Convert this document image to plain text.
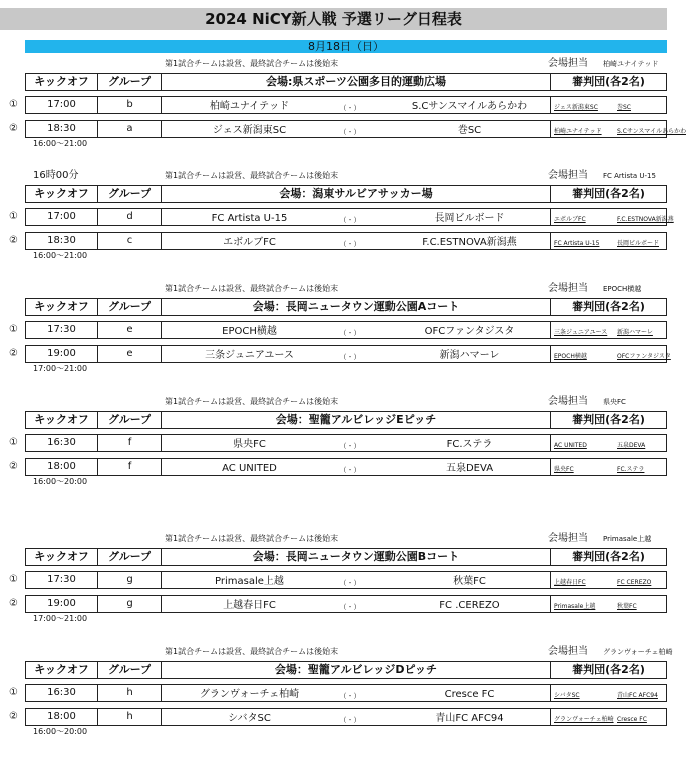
2024 NiCY新人戦 予選リーグ日程表
8月18日（日）
第1試合チームは設営、最終試合チームは後始末	会場担当 柏崎ユナイテッド
キックオフ	グループ	会場:県スポーツ公園多目的運動広場	審判団(各2名)
①	17:00	b	柏崎ユナイテッド	（ - ）	S.Cサンスマイルあらかわ	ジェス新潟東SC	巻SC
②	18:30	a	ジェス新潟東SC	（ - ）	巻SC	柏崎ユナイテッド	S.Cサンスマイルあらかわ
16:00～21:00
16時00分	第1試合チームは設営、最終試合チームは後始末	会場担当 FC Artista U-15
キックオフ	グループ	会場：潟東サルビアサッカー場	審判団(各2名)
①	17:00	d	FC Artista U-15	（ - ）	長岡ビルボード	エボルブFC	F.C.ESTNOVA新潟燕
②	18:30	c	エボルブFC	（ - ）	F.C.ESTNOVA新潟燕	FC Artista U-15	長岡ビルボード
16:00～21:00
第1試合チームは設営、最終試合チームは後始末	会場担当 EPOCH横越
キックオフ	グループ	会場：長岡ニュータウン運動公園Aコート	審判団(各2名)
①	17:30	e	EPOCH横越	（ - ）	OFCファンタジスタ	三条ジュニアユース 新潟ハマーレ
②	19:00	e	三条ジュニアユース	（ - ）	新潟ハマーレ	EPOCH横越	OFCファンタジスタ
17:00～21:00
第1試合チームは設営、最終試合チームは後始末	会場担当 県央FC
キックオフ	グループ	会場：聖籠アルビレッジEピッチ	審判団(各2名)
①	16:30	f	県央FC	（ - ）	FC.ステラ	AC UNITED	五泉DEVA
②	18:00	f	AC UNITED	（ - ）	五泉DEVA	県央FC	FC.ステラ
16:00～20:00
第1試合チームは設営、最終試合チームは後始末	会場担当 Primasale上越
キックオフ	グループ	会場：長岡ニュータウン運動公園Bコート	審判団(各2名)
①	17:30	g	Primasale上越	（ - ）	秋葉FC	上越春日FC	FC CEREZO
②	19:00	g	上越春日FC	（ - ）	FC .CEREZO	Primasale上越	秋葉FC
17:00～21:00
第1試合チームは設営、最終試合チームは後始末	会場担当 グランヴォーチェ柏崎
キックオフ	グループ	会場：聖籠アルビレッジDピッチ	審判団(各2名)
①	16:30	h	グランヴォーチェ柏崎	（ - ）	Cresce FC	シバタSC	青山FC AFC94
②	18:00	h	シバタSC	（ - ）	青山FC AFC94	グランヴォーチェ柏崎 Cresce FC
16:00～20:00
